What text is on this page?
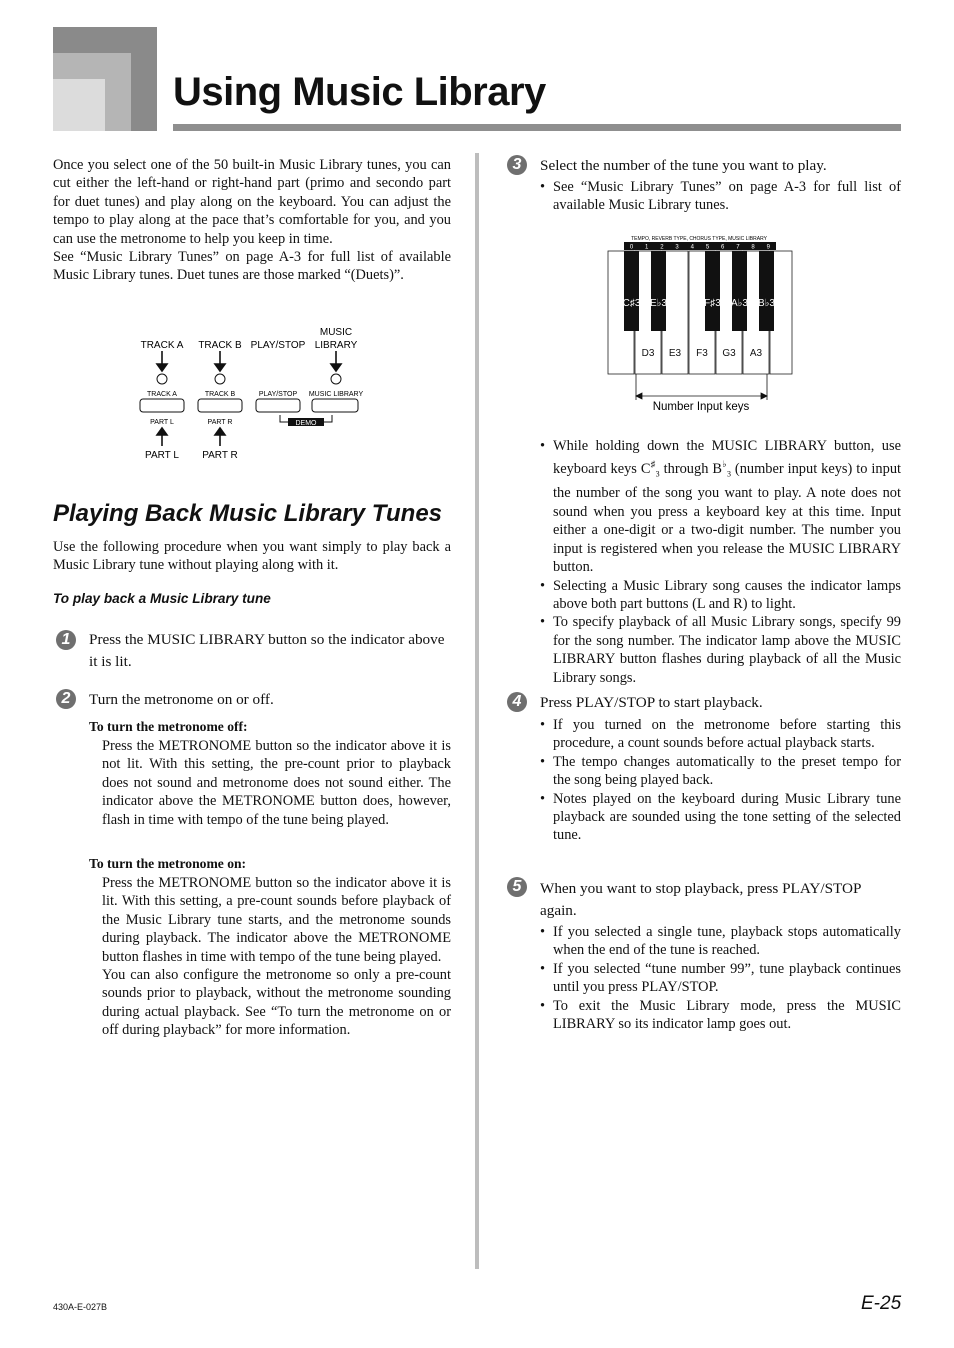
Using Music Library

Once you select one of the 50 built-in Music Library tunes, you can cut either the left-hand or right-hand part (primo and secondo part for duet tunes) and play along on the keyboard. You can adjust the tempo to play along at the pace that’s comfortable for you, and you can use the metronome to help you keep in time.

See “Music Library Tunes” on page A-3 for full list of available Music Library tunes. Duet tunes are those marked “(Duets)”.

TRACK A TRACK B PLAY/STOP
MUSIC
LIBRARY
TRACK A	TRACK B	PLAY/STOP MUSIC LIBRARY
PART L	PART R	DEMO
PART L PART R
Playing Back Music Library Tunes

Use the following procedure when you want simply to play back a Music Library tune without playing along with it.

To play back a Music Library tune

1	Press the MUSIC LIBRARY button so the indicator above it is lit.

2	Turn the metronome on or off.

To turn the metronome off:

Press the METRONOME button so the indicator above it is not lit. With this setting, the pre-count prior to playback does not sound and metronome does not sound either. The indicator above the METRONOME button does, however, flash in time with tempo of the tune being played.

To turn the metronome on:

Press the METRONOME button so the indicator above it is lit. With this setting, a pre-count sounds before playback of the Music Library tune starts, and the metronome sounds during playback. The indicator above the METRONOME button flashes in time with tempo of the tune being played.

You can also configure the metronome so only a pre-count sounds prior to playback, without the metronome sounding during actual playback. See “To turn the metronome on or off during playback” for more information.

3	Select the number of the tune you want to play.

• See “Music Library Tunes” on page A-3 for full list of available Music Library tunes.
TEMPO, REVERB TYPE, CHORUS TYPE, MUSIC LIBRARY
0 1 2 3 4 5 6 7 8 9
C♯3 E♭3	F♯3 A♭3 B♭3
D3 E3 F3 G3 A3
Number Input keys
• While holding down the MUSIC LIBRARY button, use keyboard keys $C^♯_3$ through $B^♭_3$ (number input keys) to input the number of the song you want to play. A note does not sound when you press a keyboard key at this time. Input either a one-digit or a two-digit number. The number you input is registered when you release the MUSIC LIBRARY button.
• Selecting a Music Library song causes the indicator lamps above both part buttons (L and R) to light.
• To specify playback of all Music Library songs, specify 99 for the song number. The indicator lamp above the MUSIC LIBRARY button flashes during playback of all the Music Library songs.
4	Press PLAY/STOP to start playback.

• If you turned on the metronome before starting this procedure, a count sounds before actual playback starts.
• The tempo changes automatically to the preset tempo for the song being played back.
• Notes played on the keyboard during Music Library tune playback are sounded using the tone setting of the selected tune.
5	When you want to stop playback, press PLAY/STOP again.

• If you selected a single tune, playback stops automatically when the end of the tune is reached.
• If you selected “tune number 99”, tune playback continues until you press PLAY/STOP.
• To exit the Music Library mode, press the MUSIC LIBRARY so its indicator lamp goes out.
430A-E-027B	E-25
